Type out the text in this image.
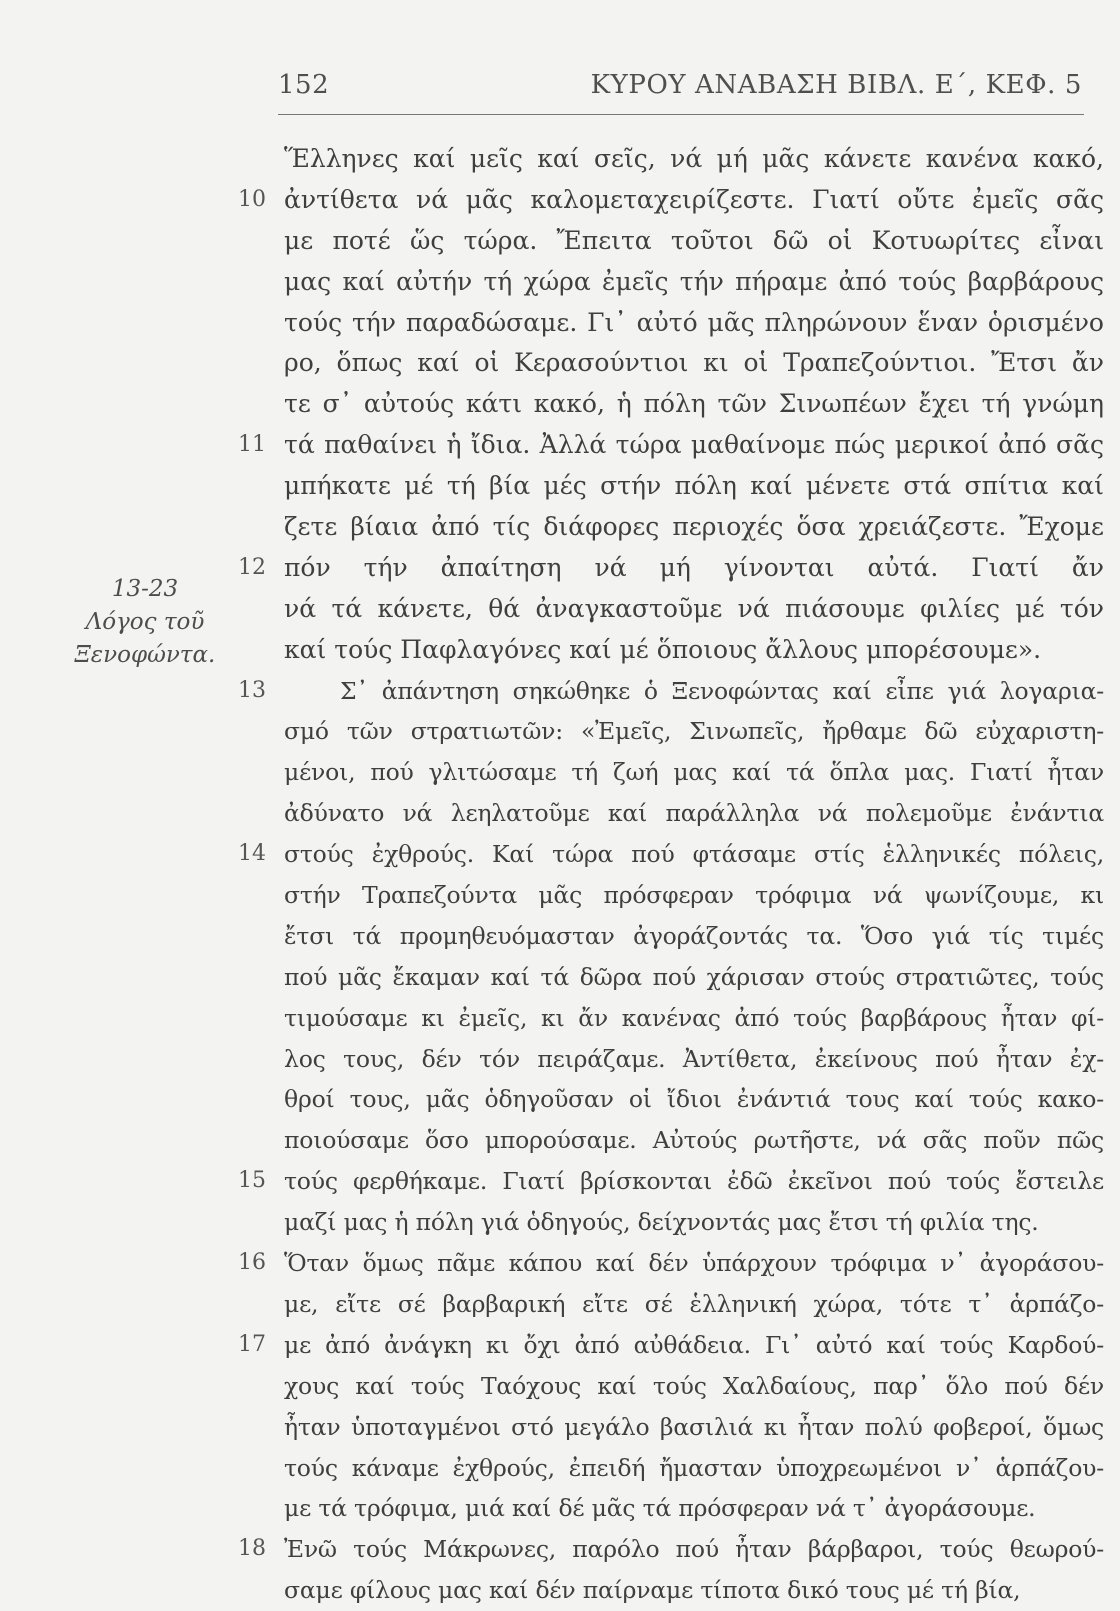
152	ΚΥΡΟΥ ΑΝΑΒΑΣΗ ΒΙΒΛ. Ε΄, ΚΕΦ. 5
13-23
Λόγος τοῦ
Ξενοφώντα.
Ἕλληνες καί μεῖς καί σεῖς, νά μή μᾶς κάνετε κανένα κακό,
10 ἀντίθετα νά μᾶς καλομεταχειρίζεστε. Γιατί οὔτε ἐμεῖς σᾶς
με ποτέ ὥς τώρα. Ἔπειτα τοῦτοι δῶ οἱ Κοτυωρίτες εἶναι
μας καί αὐτήν τή χώρα ἐμεῖς τήν πήραμε ἀπό τούς βαρβάρους
τούς τήν παραδώσαμε. Γι᾽ αὐτό μᾶς πληρώνουν ἕναν ὁρισμένο
ρο, ὅπως καί οἱ Κερασούντιοι κι οἱ Τραπεζούντιοι. Ἔτσι ἄν
τε σ᾽ αὐτούς κάτι κακό, ἡ πόλη τῶν Σινωπέων ἔχει τή γνώμη
11 τά παθαίνει ἡ ἴδια. Ἀλλά τώρα μαθαίνομε πώς μερικοί ἀπό σᾶς
μπήκατε μέ τή βία μές στήν πόλη καί μένετε στά σπίτια καί
ζετε βίαια ἀπό τίς διάφορες περιοχές ὅσα χρειάζεστε. Ἔχομε
12 πόν τήν ἀπαίτηση νά μή γίνονται αὐτά. Γιατί ἄν
νά τά κάνετε, θά ἀναγκαστοῦμε νά πιάσουμε φιλίες μέ τόν
καί τούς Παφλαγόνες καί μέ ὅποιους ἄλλους μπορέσουμε».
13	Σ᾽ ἀπάντηση σηκώθηκε ὁ Ξενοφώντας καί εἶπε γιά λογαρια-
σμό τῶν στρατιωτῶν: «Ἐμεῖς, Σινωπεῖς, ἤρθαμε δῶ εὐχαριστη-
μένοι, πού γλιτώσαμε τή ζωή μας καί τά ὅπλα μας. Γιατί ἦταν
ἀδύνατο νά λεηλατοῦμε καί παράλληλα νά πολεμοῦμε ἐνάντια
14 στούς ἐχθρούς. Καί τώρα πού φτάσαμε στίς ἑλληνικές πόλεις,
στήν Τραπεζούντα μᾶς πρόσφεραν τρόφιμα νά ψωνίζουμε, κι
ἔτσι τά προμηθευόμασταν ἀγοράζοντάς τα. Ὅσο γιά τίς τιμές
πού μᾶς ἔκαμαν καί τά δῶρα πού χάρισαν στούς στρατιῶτες, τούς
τιμούσαμε κι ἐμεῖς, κι ἄν κανένας ἀπό τούς βαρβάρους ἦταν φί-
λος τους, δέν τόν πειράζαμε. Ἀντίθετα, ἐκείνους πού ἦταν ἐχ-
θροί τους, μᾶς ὁδηγοῦσαν οἱ ἴδιοι ἐνάντιά τους καί τούς κακο-
ποιούσαμε ὅσο μπορούσαμε. Αὐτούς ρωτῆστε, νά σᾶς ποῦν πῶς
15 τούς φερθήκαμε. Γιατί βρίσκονται ἐδῶ ἐκεῖνοι πού τούς ἔστειλε
μαζί μας ἡ πόλη γιά ὁδηγούς, δείχνοντάς μας ἔτσι τή φιλία της.
16 Ὅταν ὅμως πᾶμε κάπου καί δέν ὑπάρχουν τρόφιμα ν᾽ ἀγοράσου-
με, εἴτε σέ βαρβαρική εἴτε σέ ἑλληνική χώρα, τότε τ᾽ ἁρπάζο-
17 με ἀπό ἀνάγκη κι ὄχι ἀπό αὐθάδεια. Γι᾽ αὐτό καί τούς Καρδού-
χους καί τούς Ταόχους καί τούς Χαλδαίους, παρ᾽ ὅλο πού δέν
ἦταν ὑποταγμένοι στό μεγάλο βασιλιά κι ἦταν πολύ φοβεροί, ὅμως
τούς κάναμε ἐχθρούς, ἐπειδή ἤμασταν ὑποχρεωμένοι ν᾽ ἁρπάζου-
με τά τρόφιμα, μιά καί δέ μᾶς τά πρόσφεραν νά τ᾽ ἀγοράσουμε.
18 Ἐνῶ τούς Μάκρωνες, παρόλο πού ἦταν βάρβαροι, τούς θεωρού-
σαμε φίλους μας καί δέν παίρναμε τίποτα δικό τους μέ τή βία,
